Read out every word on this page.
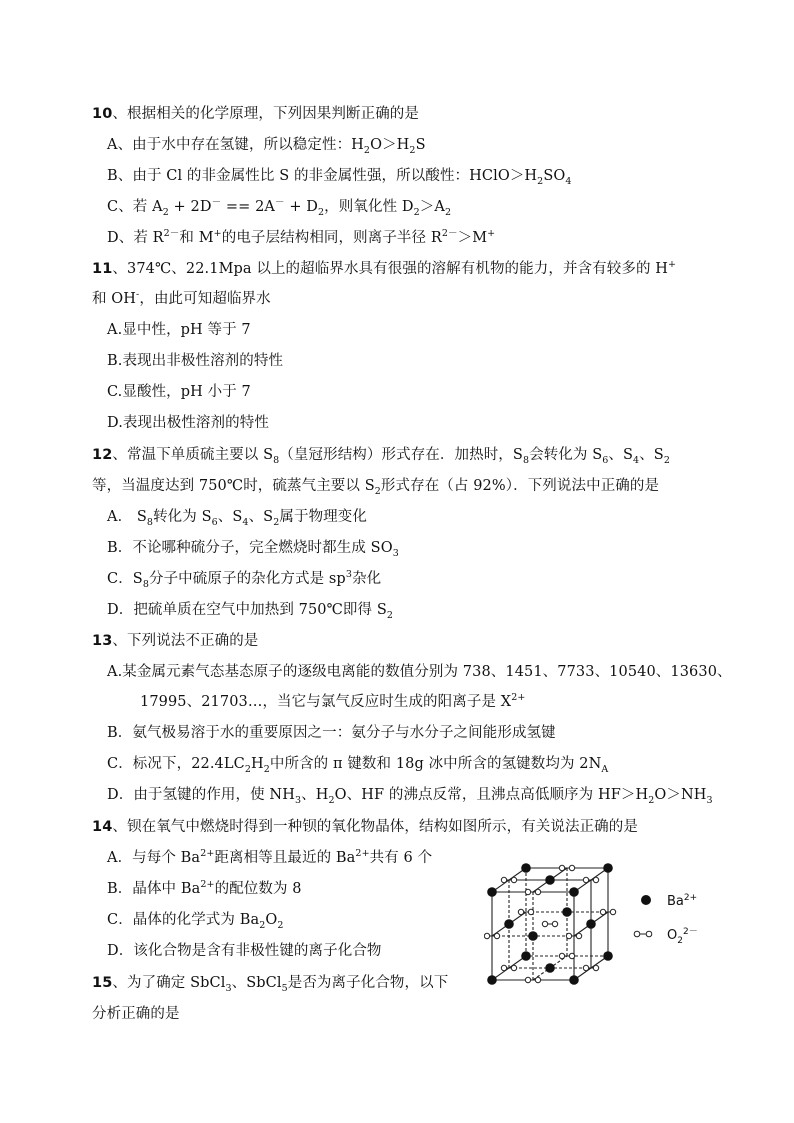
10、根据相关的化学原理，下列因果判断正确的是
A、由于水中存在氢键，所以稳定性：$H_2O>H_2S$
B、由于 Cl 的非金属性比 S 的非金属性强，所以酸性：$HClO>H_2SO_4$
C、若 $A_2 + 2D^- == 2A^- + D_2$，则氧化性 $D_2>A_2$
D、若 $R^{2-}$和 M+的电子层结构相同，则离子半径 $R^{2-}>M^+$
11、374℃、22.1Mpa 以上的超临界水具有很强的溶解有机物的能力，并含有较多的 H+
和 OH-，由此可知超临界水
A.显中性，pH 等于 7
B.表现出非极性溶剂的特性
C.显酸性，pH 小于 7
D.表现出极性溶剂的特性
12、常温下单质硫主要以 $S_8$（皇冠形结构）形式存在．加热时，$S_8$会转化为 $S_6$、$S_4$、$S_2$
等，当温度达到 750℃时，硫蒸气主要以 $S_2$形式存在（占 92%）．下列说法中正确的是
A． $S_8$转化为 $S_6$、$S_4$、$S_2$属于物理变化
B．不论哪种硫分子，完全燃烧时都生成 $SO_3$
C．$S_8$分子中硫原子的杂化方式是 $sp^3$杂化
D．把硫单质在空气中加热到 750℃即得 $S_2$
13、下列说法不正确的是
A.某金属元素气态基态原子的逐级电离能的数值分别为 738、1451、7733、10540、13630、
17995、21703…，当它与氯气反应时生成的阳离子是 $X^{2+}$
B．氨气极易溶于水的重要原因之一：氨分子与水分子之间能形成氢键
C．标况下，$22.4LC_2H_2$中所含的 π 键数和 18g 冰中所含的氢键数均为 $2N_A$
D．由于氢键的作用，使 $NH_3$、$H_2O$、HF 的沸点反常，且沸点高低顺序为 $HF>H_2O>NH_3$
14、钡在氧气中燃烧时得到一种钡的氧化物晶体，结构如图所示，有关说法正确的是
A．与每个 $Ba^{2+}$距离相等且最近的 $Ba^{2+}$共有 6 个
B．晶体中 $Ba^{2+}$的配位数为 8
C．晶体的化学式为 $Ba_2O_2$
D．该化合物是含有非极性键的离子化合物
15、为了确定 SbCl$_3$、SbCl$_5$是否为离子化合物，以下
分析正确的是
$Ba^{2+}$
$O_2^{2-}$
